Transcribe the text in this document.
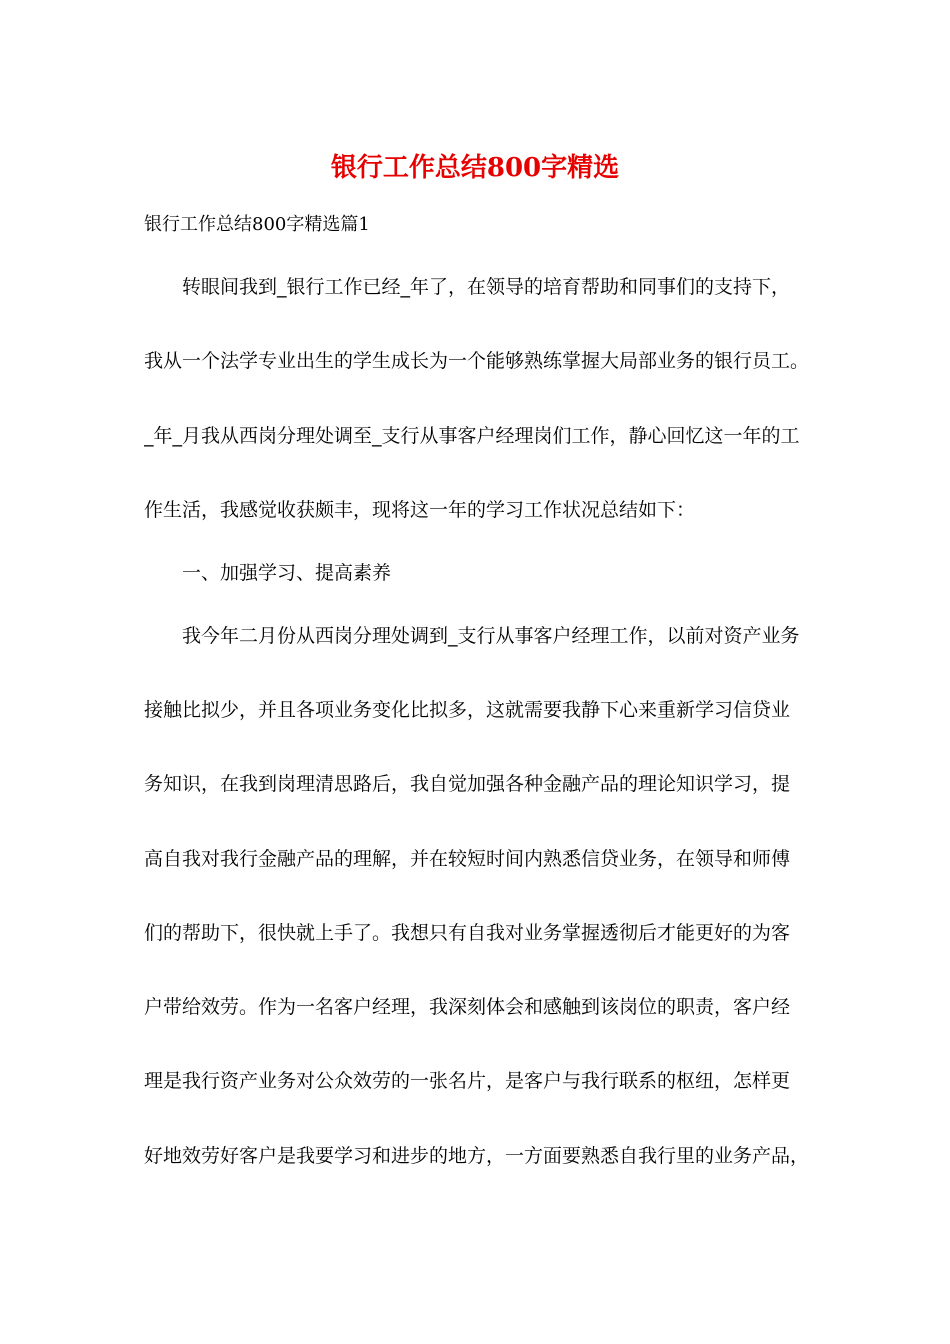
银行工作总结800字精选
银行工作总结800字精选篇1
转眼间我到_银行工作已经_年了，在领导的培育帮助和同事们的支持下，
我从一个法学专业出生的学生成长为一个能够熟练掌握大局部业务的银行员工。
_年_月我从西岗分理处调至_支行从事客户经理岗们工作，静心回忆这一年的工
作生活，我感觉收获颇丰，现将这一年的学习工作状况总结如下：
一、加强学习、提高素养
我今年二月份从西岗分理处调到_支行从事客户经理工作，以前对资产业务
接触比拟少，并且各项业务变化比拟多，这就需要我静下心来重新学习信贷业
务知识，在我到岗理清思路后，我自觉加强各种金融产品的理论知识学习，提
高自我对我行金融产品的理解，并在较短时间内熟悉信贷业务，在领导和师傅
们的帮助下，很快就上手了。我想只有自我对业务掌握透彻后才能更好的为客
户带给效劳。作为一名客户经理，我深刻体会和感触到该岗位的职责，客户经
理是我行资产业务对公众效劳的一张名片，是客户与我行联系的枢纽，怎样更
好地效劳好客户是我要学习和进步的地方，一方面要熟悉自我行里的业务产品，
